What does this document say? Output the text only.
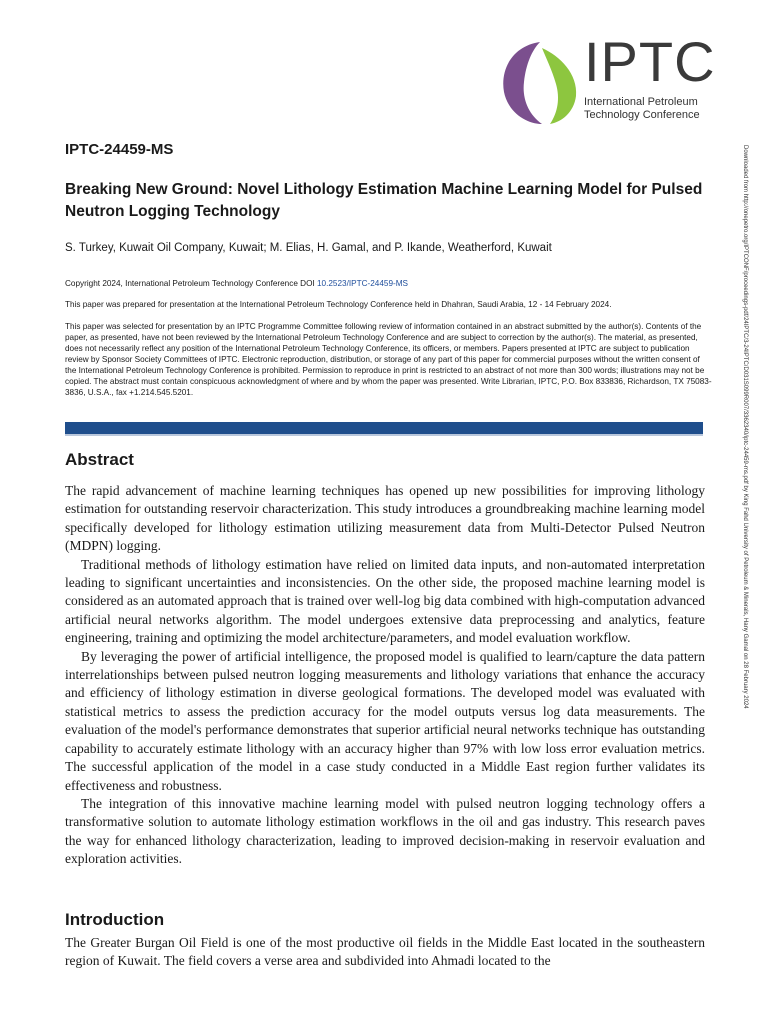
IPTC
International Petroleum
Technology Conference
IPTC-24459-MS
Breaking New Ground: Novel Lithology Estimation Machine Learning Model for Pulsed Neutron Logging Technology

S. Turkey, Kuwait Oil Company, Kuwait; M. Elias, H. Gamal, and P. Ikande, Weatherford, Kuwait

Copyright 2024, International Petroleum Technology Conference DOI 10.2523/IPTC-24459-MS

This paper was prepared for presentation at the International Petroleum Technology Conference held in Dhahran, Saudi Arabia, 12 - 14 February 2024.

This paper was selected for presentation by an IPTC Programme Committee following review of information contained in an abstract submitted by the author(s). Contents of the paper, as presented, have not been reviewed by the International Petroleum Technology Conference and are subject to correction by the author(s). The material, as presented, does not necessarily reflect any position of the International Petroleum Technology Conference, its officers, or members. Papers presented at IPTC are subject to publication review by Sponsor Society Committees of IPTC. Electronic reproduction, distribution, or storage of any part of this paper for commercial purposes without the written consent of the International Petroleum Technology Conference is prohibited. Permission to reproduce in print is restricted to an abstract of not more than 300 words; illustrations may not be copied. The abstract must contain conspicuous acknowledgment of where and by whom the paper was presented. Write Librarian, IPTC, P.O. Box 833836, Richardson, TX 75083-3836, U.S.A., fax +1.214.545.5201.

Abstract

The rapid advancement of machine learning techniques has opened up new possibilities for improving lithology estimation for outstanding reservoir characterization. This study introduces a groundbreaking machine learning model specifically developed for lithology estimation utilizing measurement data from Multi-Detector Pulsed Neutron (MDPN) logging.

Traditional methods of lithology estimation have relied on limited data inputs, and non-automated interpretation leading to significant uncertainties and inconsistencies. On the other side, the proposed machine learning model is considered as an automated approach that is trained over well-log big data combined with high-computation advanced artificial neural networks algorithm. The model undergoes extensive data preprocessing and analytics, feature engineering, training and optimizing the model architecture/parameters, and model evaluation workflow.

By leveraging the power of artificial intelligence, the proposed model is qualified to learn/capture the data pattern interrelationships between pulsed neutron logging measurements and lithology variations that enhance the accuracy and efficiency of lithology estimation in diverse geological formations. The developed model was evaluated with statistical metrics to assess the prediction accuracy for the model outputs versus log data measurements. The evaluation of the model's performance demonstrates that superior artificial neural networks technique has outstanding capability to accurately estimate lithology with an accuracy higher than 97% with low loss error evaluation metrics. The successful application of the model in a case study conducted in a Middle East region further validates its effectiveness and robustness.

The integration of this innovative machine learning model with pulsed neutron logging technology offers a transformative solution to automate lithology estimation workflows in the oil and gas industry. This research paves the way for enhanced lithology characterization, leading to improved decision-making in reservoir evaluation and exploration activities.

Introduction

The Greater Burgan Oil Field is one of the most productive oil fields in the Middle East located in the southeastern region of Kuwait. The field covers a verse area and subdivided into Ahmadi located to the

Downloaded from http://onepetro.org/IPTCONF/proceedings-pdf/24IPTC/3-24IPTC/D031S099R007/3362340/iptc-24459-ms.pdf by King Fahd University of Petroleum & Minerals, Hany Gamal on 28 February 2024
